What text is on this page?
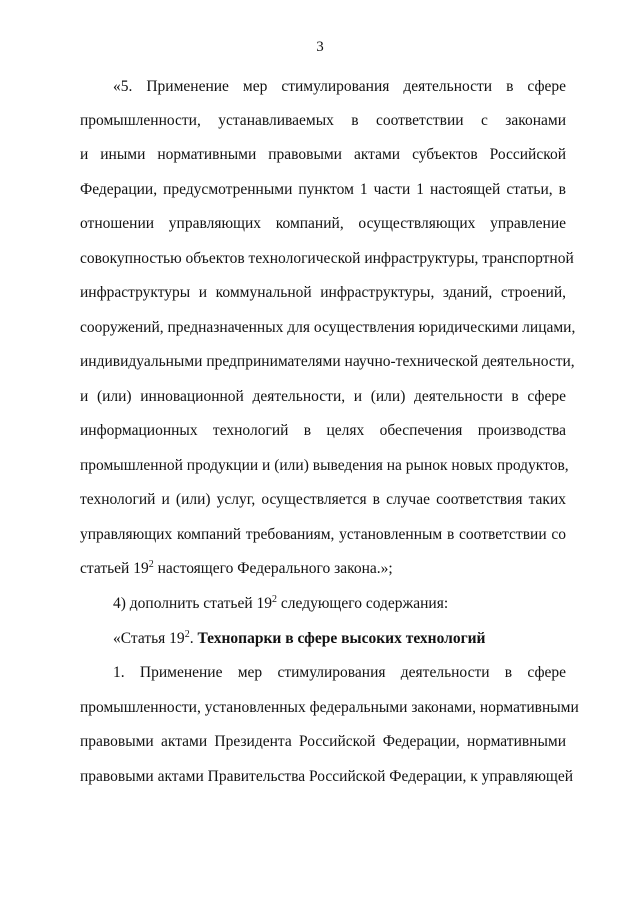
3
«5. Применение мер стимулирования деятельности в сфере
промышленности, устанавливаемых в соответствии с законами
и иными нормативными правовыми актами субъектов Российской
Федерации, предусмотренными пунктом 1 части 1 настоящей статьи, в
отношении управляющих компаний, осуществляющих управление
совокупностью объектов технологической инфраструктуры, транспортной
инфраструктуры и коммунальной инфраструктуры, зданий, строений,
сооружений, предназначенных для осуществления юридическими лицами,
индивидуальными предпринимателями научно-технической деятельности,
и (или) инновационной деятельности, и (или) деятельности в сфере
информационных технологий в целях обеспечения производства
промышленной продукции и (или) выведения на рынок новых продуктов,
технологий и (или) услуг, осуществляется в случае соответствия таких
управляющих компаний требованиям, установленным в соответствии со
статьей $19^2$ настоящего Федерального закона.»;
4) дополнить статьей $19^2$ следующего содержания:
«Статья $19^2$. Технопарки в сфере высоких технологий
1. Применение мер стимулирования деятельности в сфере
промышленности, установленных федеральными законами, нормативными
правовыми актами Президента Российской Федерации, нормативными
правовыми актами Правительства Российской Федерации, к управляющей
